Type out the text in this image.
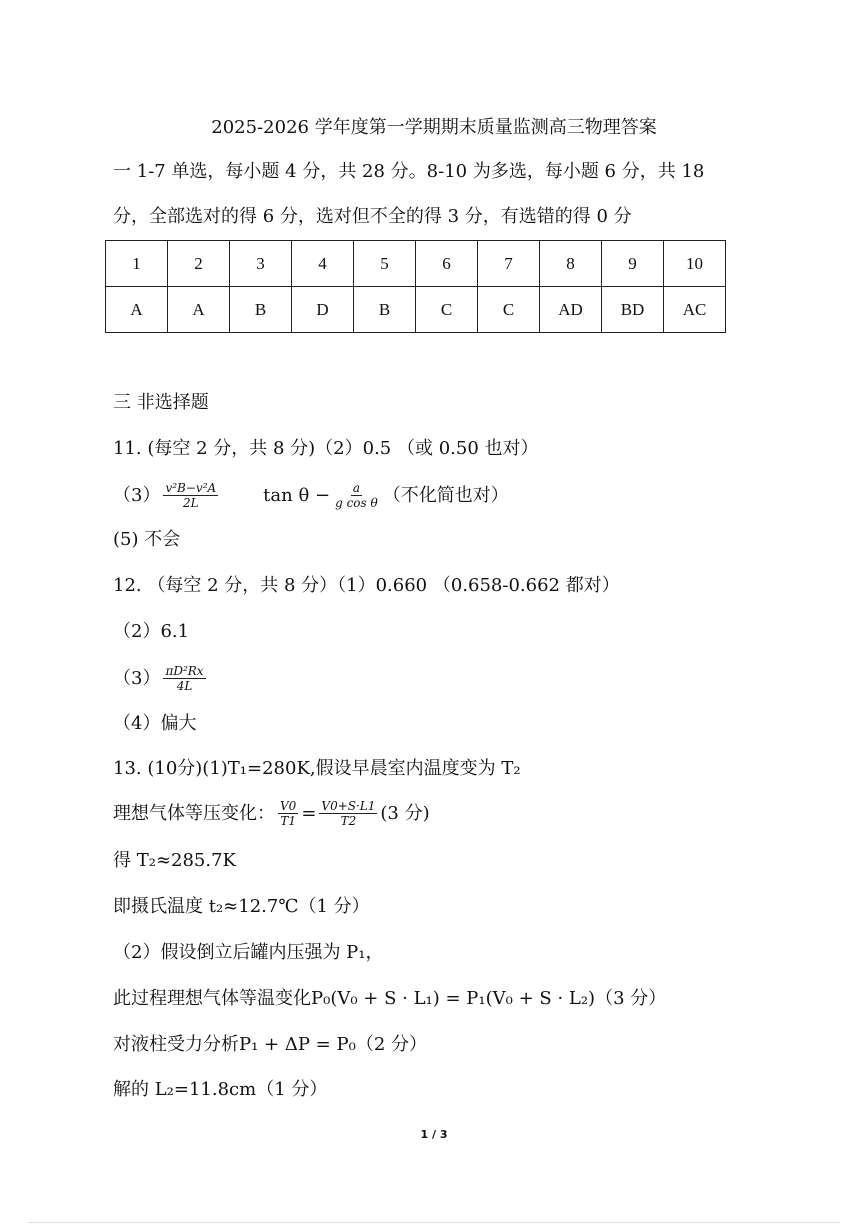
2025-2026 学年度第一学期期末质量监测高三物理答案
一 1-7 单选，每小题 4 分，共 28 分。8-10 为多选，每小题 6 分，共 18
分，全部选对的得 6 分，选对但不全的得 3 分，有选错的得 0 分
1	2	3	4	5	6	7	8	9	10
A	A	B	D	B	C	C	AD	BD	AC
三 非选择题
11. (每空 2 分，共 8 分)（2）0.5 （或 0.50 也对）
$(3) \frac{\text{v²B−v²A}}{2L}$	$\tan \theta - \frac{a}{\text{g cos θ}}$ （不化简也对）
(5) 不会
12. （每空 2 分，共 8 分）（1）0.660 （0.658-0.662 都对）
（2）6.1
$(3) \frac{\text{πD²Rx}}{4L}$
（4）偏大
13. (10分)(1)T₁=280K,假设早晨室内温度变为 T₂
理想气体等压变化： $\frac{V0}{T1} = \frac{V0+S\cdot L1}{T2} (3$ 分)
得 T₂≈285.7K
即摄氏温度 t₂≈12.7℃（1 分）
（2）假设倒立后罐内压强为 P₁，
此过程理想气体等温变化P₀(V₀ + S · L₁) = P₁(V₀ + S · L₂)（3 分）
对液柱受力分析P₁ + ΔP = P₀（2 分）
解的 L₂=11.8cm（1 分）
1 / 3
